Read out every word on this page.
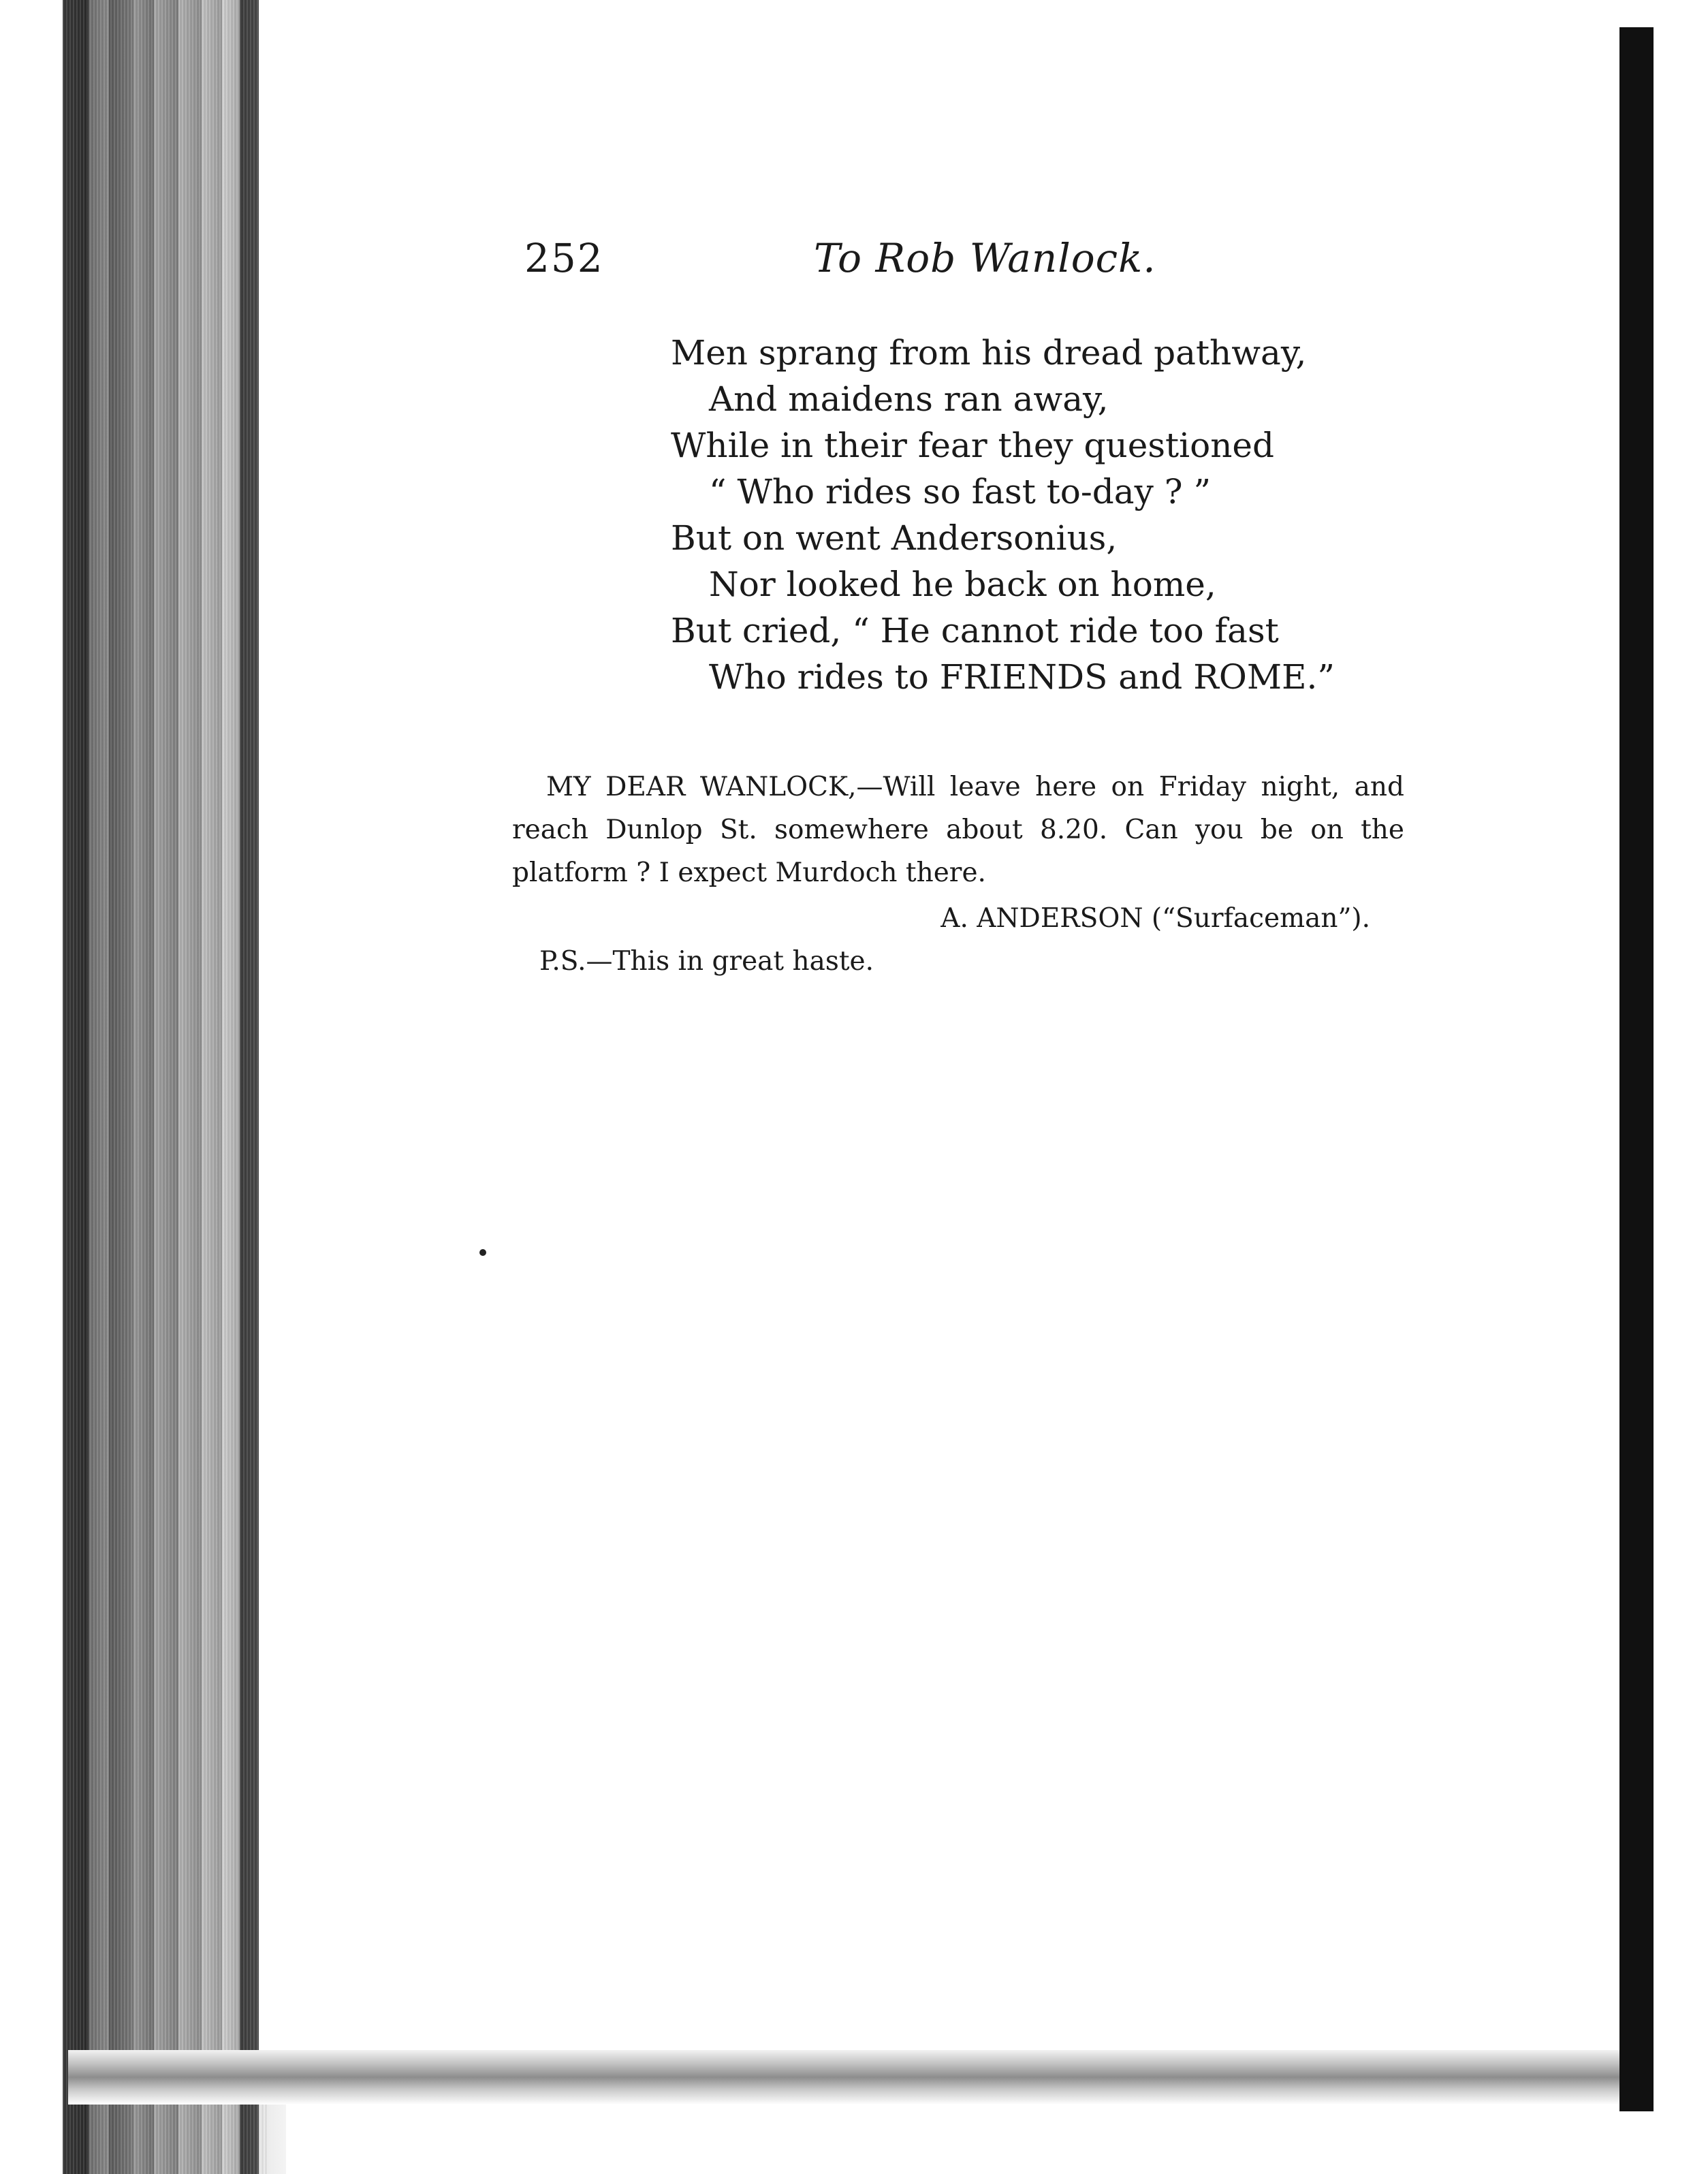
252	To Rob Wanlock.
Men sprang from his dread pathway,
And maidens ran away,
While in their fear they questioned
“ Who rides so fast to-day ? ”
But on went Andersonius,
Nor looked he back on home,
But cried, “ He cannot ride too fast
Who rides to FRIENDS and ROME.”

MY DEAR WANLOCK,—Will leave here on Friday night, and reach Dunlop St. somewhere about 8.20. Can you be on the platform ? I expect Murdoch there.

A. ANDERSON (“Surfaceman”).
P.S.—This in great haste.
